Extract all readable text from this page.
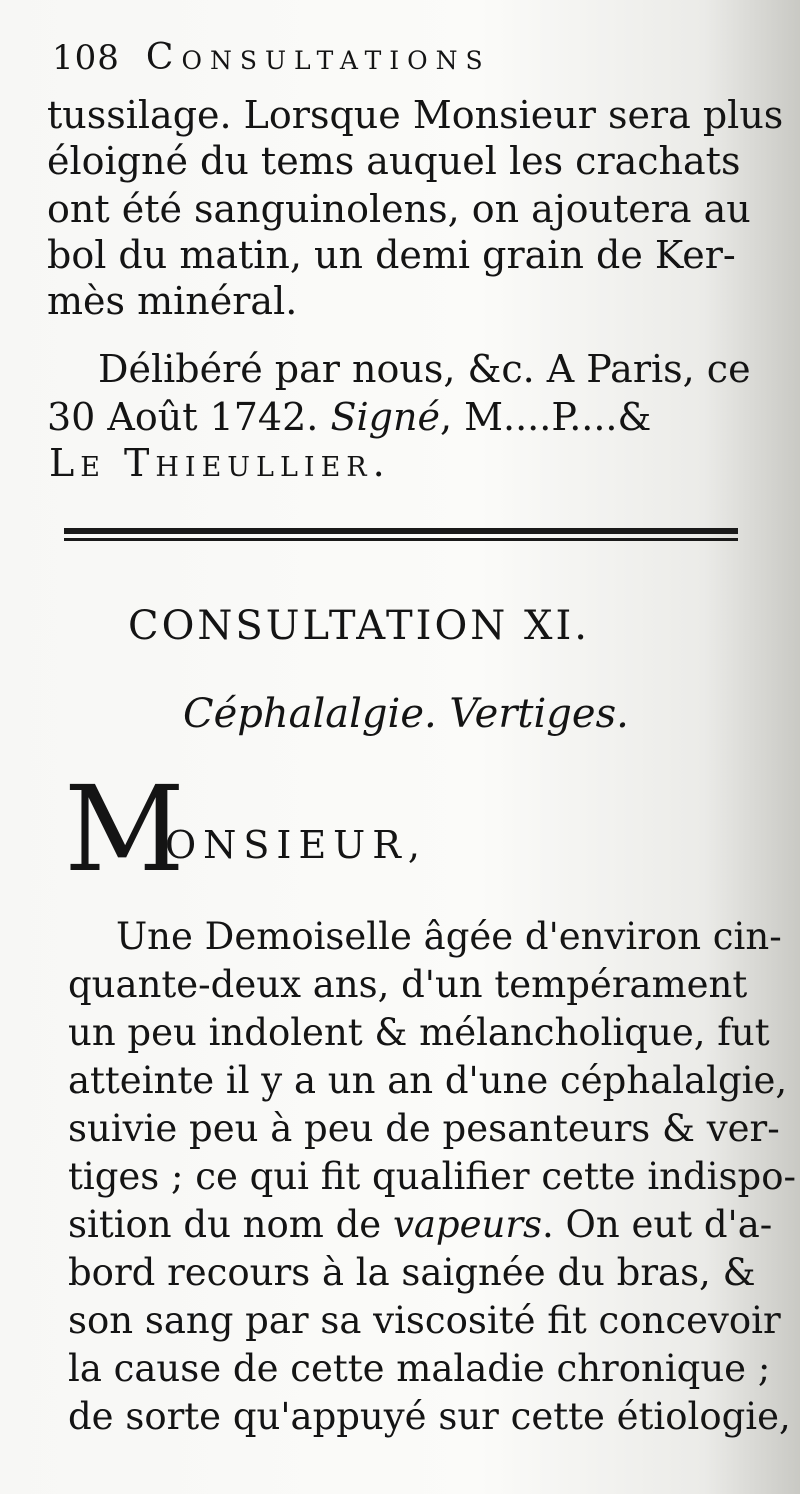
108 Consultations
tussilage. Lorsque Monsieur sera plus
éloigné du tems auquel les crachats
ont été sanguinolens, on ajoutera au
bol du matin, un demi grain de Ker-
mès minéral.
Délibéré par nous, &c. A Paris, ce
30 Août 1742. Signé, M....P....&
Le Thieullier.
CONSULTATION XI.
Céphalalgie. Vertiges.
M
ONSIEUR,
Une Demoiselle âgée d'environ cin-
quante-deux ans, d'un tempérament
un peu indolent & mélancholique, fut
atteinte il y a un an d'une céphalalgie,
suivie peu à peu de pesanteurs & ver-
tiges ; ce qui fit qualifier cette indispo-
sition du nom de vapeurs. On eut d'a-
bord recours à la saignée du bras, &
son sang par sa viscosité fit concevoir
la cause de cette maladie chronique ;
de sorte qu'appuyé sur cette étiologie,
